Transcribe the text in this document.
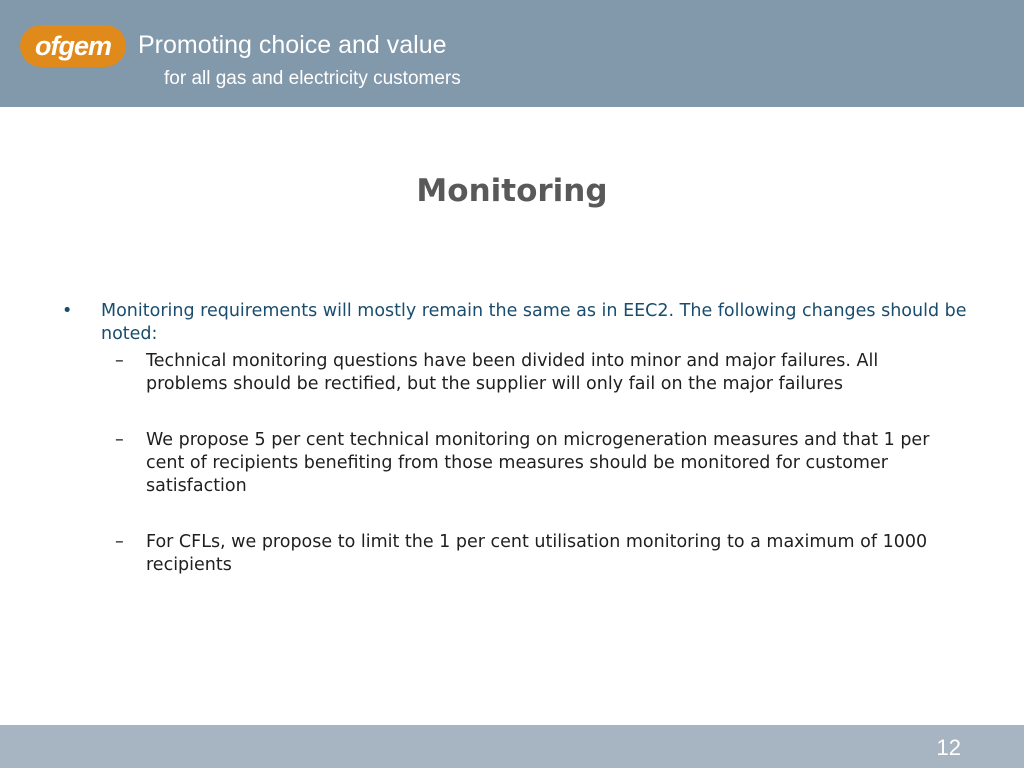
ofgem	Promoting choice and value
for all gas and electricity customers
Monitoring

• Monitoring requirements will mostly remain the same as in EEC2. The following changes should be noted:

– Technical monitoring questions have been divided into minor and major failures. All problems should be rectified, but the supplier will only fail on the major failures

– We propose 5 per cent technical monitoring on microgeneration measures and that 1 per cent of recipients benefiting from those measures should be monitored for customer satisfaction

– For CFLs, we propose to limit the 1 per cent utilisation monitoring to a maximum of 1000 recipients

12
